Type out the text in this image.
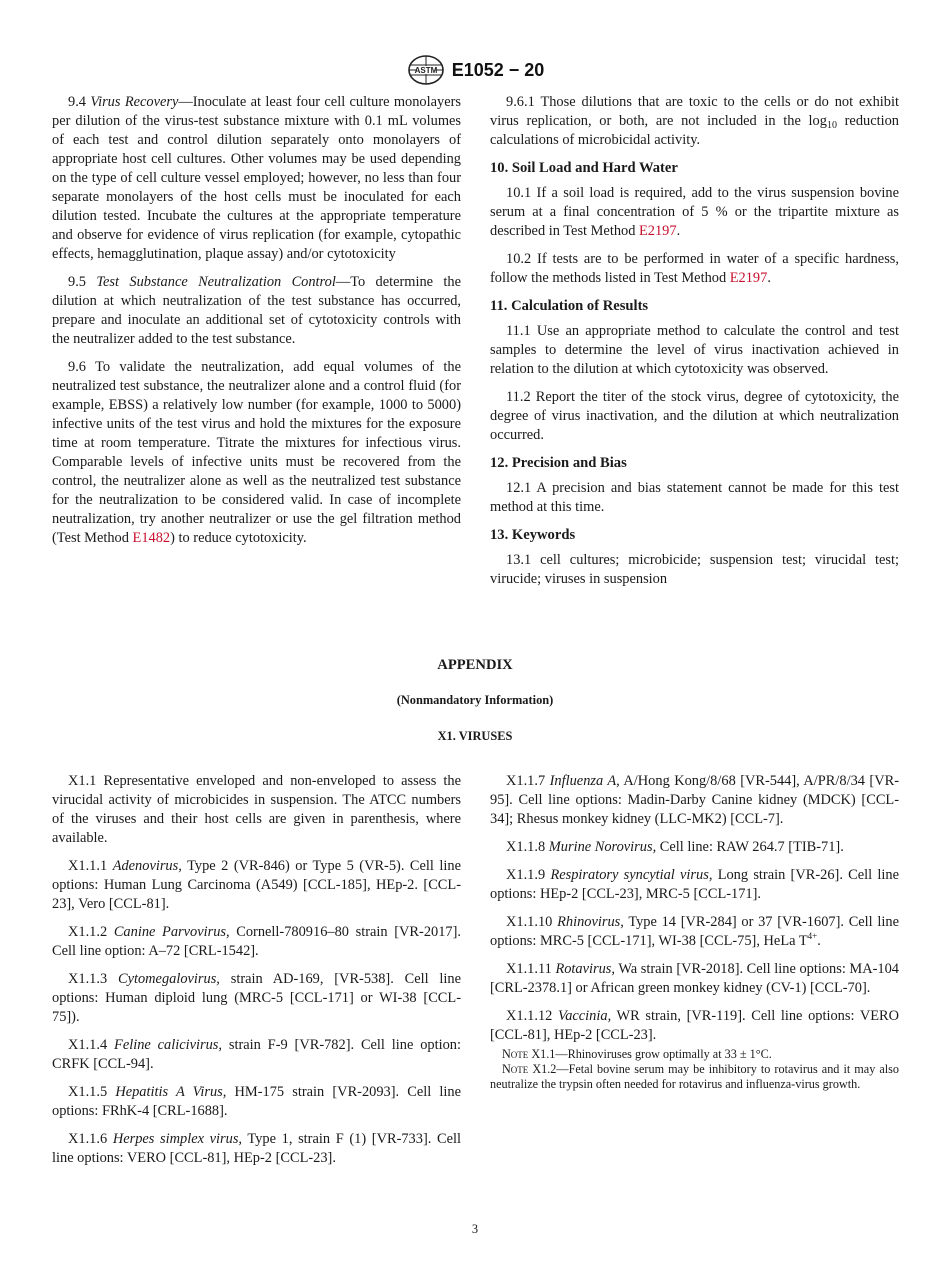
ASTM E1052 − 20

9.4 Virus Recovery—Inoculate at least four cell culture monolayers per dilution of the virus-test substance mixture with 0.1 mL volumes of each test and control dilution separately onto monolayers of appropriate host cell cultures. Other volumes may be used depending on the type of cell culture vessel employed; however, no less than four separate monolayers of the host cells must be inoculated for each dilution tested. Incubate the cultures at the appropriate temperature and observe for evidence of virus replication (for example, cytopathic effects, hemagglutination, plaque assay) and/or cytotoxicity

9.5 Test Substance Neutralization Control—To determine the dilution at which neutralization of the test substance has occurred, prepare and inoculate an additional set of cytotoxicity controls with the neutralizer added to the test substance.

9.6 To validate the neutralization, add equal volumes of the neutralized test substance, the neutralizer alone and a control fluid (for example, EBSS) a relatively low number (for example, 1000 to 5000) infective units of the test virus and hold the mixtures for the exposure time at room temperature. Titrate the mixtures for infectious virus. Comparable levels of infective units must be recovered from the control, the neutralizer alone as well as the neutralized test substance for the neutralization to be considered valid. In case of incomplete neutralization, try another neutralizer or use the gel filtration method (Test Method E1482) to reduce cytotoxicity.

9.6.1 Those dilutions that are toxic to the cells or do not exhibit virus replication, or both, are not included in the $\log_{10}$ reduction calculations of microbicidal activity.

10. Soil Load and Hard Water

10.1 If a soil load is required, add to the virus suspension bovine serum at a final concentration of 5 % or the tripartite mixture as described in Test Method E2197.

10.2 If tests are to be performed in water of a specific hardness, follow the methods listed in Test Method E2197.

11. Calculation of Results

11.1 Use an appropriate method to calculate the control and test samples to determine the level of virus inactivation achieved in relation to the dilution at which cytotoxicity was observed.

11.2 Report the titer of the stock virus, degree of cytotoxicity, the degree of virus inactivation, and the dilution at which neutralization occurred.

12. Precision and Bias

12.1 A precision and bias statement cannot be made for this test method at this time.

13. Keywords

13.1 cell cultures; microbicide; suspension test; virucidal test; virucide; viruses in suspension

APPENDIX
(Nonmandatory Information)
X1. VIRUSES

X1.1 Representative enveloped and non-enveloped to assess the virucidal activity of microbicides in suspension. The ATCC numbers of the viruses and their host cells are given in parenthesis, where available.

X1.1.1 Adenovirus, Type 2 (VR-846) or Type 5 (VR-5). Cell line options: Human Lung Carcinoma (A549) [CCL-185], HEp-2. [CCL-23], Vero [CCL-81].

X1.1.2 Canine Parvovirus, Cornell-780916–80 strain [VR-2017]. Cell line option: A–72 [CRL-1542].

X1.1.3 Cytomegalovirus, strain AD-169, [VR-538]. Cell line options: Human diploid lung (MRC-5 [CCL-171] or WI-38 [CCL-75]).

X1.1.4 Feline calicivirus, strain F-9 [VR-782]. Cell line option: CRFK [CCL-94].

X1.1.5 Hepatitis A Virus, HM-175 strain [VR-2093]. Cell line options: FRhK-4 [CRL-1688].

X1.1.6 Herpes simplex virus, Type 1, strain F (1) [VR-733]. Cell line options: VERO [CCL-81], HEp-2 [CCL-23].

X1.1.7 Influenza A, A/Hong Kong/8/68 [VR-544], A/PR/8/34 [VR-95]. Cell line options: Madin-Darby Canine kidney (MDCK) [CCL-34]; Rhesus monkey kidney (LLC-MK2) [CCL-7].

X1.1.8 Murine Norovirus, Cell line: RAW 264.7 [TIB-71].

X1.1.9 Respiratory syncytial virus, Long strain [VR-26]. Cell line options: HEp-2 [CCL-23], MRC-5 [CCL-171].

X1.1.10 Rhinovirus, Type 14 [VR-284] or 37 [VR-1607]. Cell line options: MRC-5 [CCL-171], WI-38 [CCL-75], HeLa $T^{4+}$.

X1.1.11 Rotavirus, Wa strain [VR-2018]. Cell line options: MA-104 [CRL-2378.1] or African green monkey kidney (CV-1) [CCL-70].

X1.1.12 Vaccinia, WR strain, [VR-119]. Cell line options: VERO [CCL-81], HEp-2 [CCL-23].

Note X1.1—Rhinoviruses grow optimally at 33 ± 1°C.

Note X1.2—Fetal bovine serum may be inhibitory to rotavirus and it may also neutralize the trypsin often needed for rotavirus and influenza-virus growth.

3
